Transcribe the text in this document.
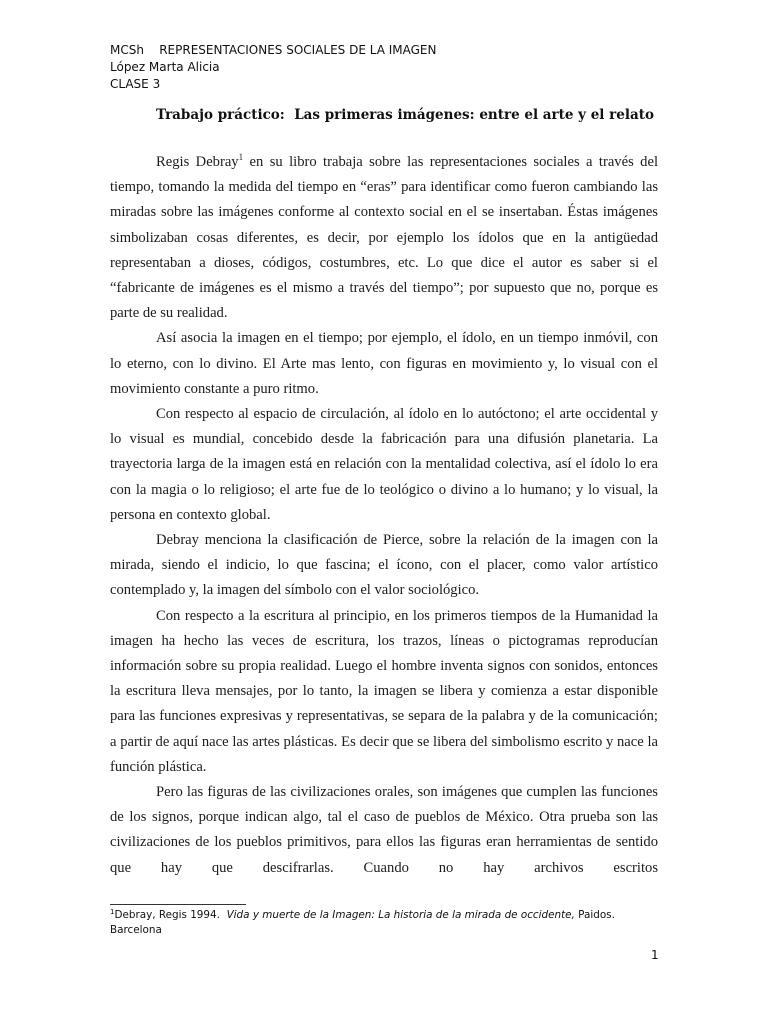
MCSh    REPRESENTACIONES SOCIALES DE LA IMAGEN
López Marta Alicia
CLASE 3
Trabajo práctico:  Las primeras imágenes: entre el arte y el relato

Regis Debray$^1$ en su libro trabaja sobre las representaciones sociales a través del tiempo, tomando la medida del tiempo en “eras” para identificar como fueron cambiando las miradas sobre las imágenes conforme al contexto social en el se insertaban. Éstas imágenes simbolizaban cosas diferentes, es decir, por ejemplo los ídolos que en la antigüedad representaban a dioses, códigos, costumbres, etc. Lo que dice el autor es saber si el “fabricante de imágenes es el mismo a través del tiempo”; por supuesto que no, porque es parte de su realidad.

Así asocia la imagen en el tiempo; por ejemplo, el ídolo, en un tiempo inmóvil, con lo eterno, con lo divino. El Arte mas lento, con figuras en movimiento y, lo visual con el movimiento constante a puro ritmo.

Con respecto al espacio de circulación, al ídolo en lo autóctono; el arte occidental y lo visual es mundial, concebido desde la fabricación para una difusión planetaria. La trayectoria larga de la imagen está en relación con la mentalidad colectiva, así el ídolo lo era con la magia o lo religioso; el arte fue de lo teológico o divino a lo humano; y lo visual, la persona en contexto global.

Debray menciona la clasificación de Pierce, sobre la relación de la imagen con la mirada, siendo el indicio, lo que fascina; el ícono, con el placer, como valor artístico contemplado y, la imagen del símbolo con el valor sociológico.

Con respecto a la escritura al principio, en los primeros tiempos de la Humanidad la imagen ha hecho las veces de escritura, los trazos, líneas o pictogramas reproducían información sobre su propia realidad. Luego el hombre inventa signos con sonidos, entonces la escritura lleva mensajes, por lo tanto, la imagen se libera y comienza a estar disponible para las funciones expresivas y representativas, se separa de la palabra y de la comunicación; a partir de aquí nace las artes plásticas. Es decir que se libera del simbolismo escrito y nace la función plástica.

Pero las figuras de las civilizaciones orales, son imágenes que cumplen las funciones de los signos, porque indican algo, tal el caso de pueblos de México. Otra prueba son las civilizaciones de los pueblos primitivos, para ellos las figuras eran herramientas de sentido que hay que descifrarlas. Cuando no hay archivos escritos

$^1$Debray, Regis 1994.  Vida y muerte de la Imagen: La historia de la mirada de occidente, Paidos. Barcelona
1
